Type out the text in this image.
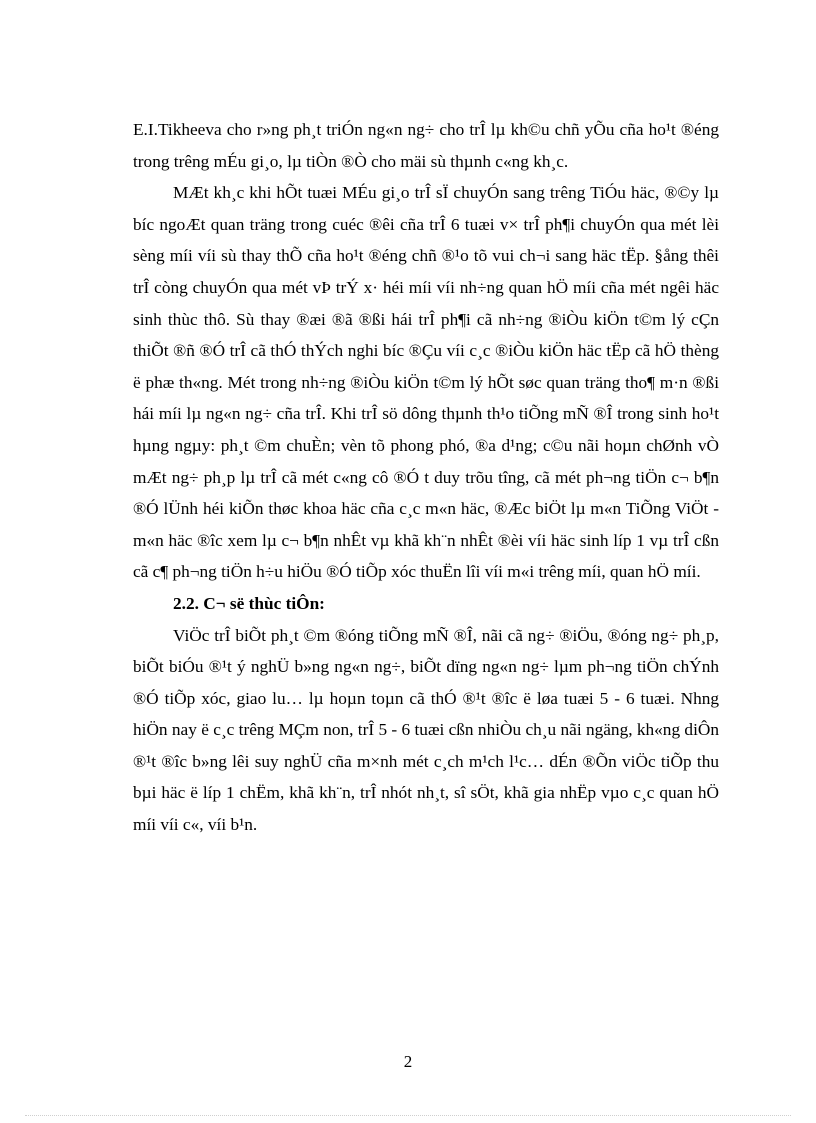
E.I.Tikheeva cho r»ng ph¸t triÓn ng«n ng÷ cho trÎ lµ kh©u chñ yÕu cña ho¹t ®éng trong trêng mÉu gi¸o, lµ tiÒn ®Ò cho mäi sù thµnh c«ng kh¸c.

MÆt kh¸c khi hÕt tuæi MÉu gi¸o trÎ sÏ chuyÓn sang trêng TiÓu häc, ®©y lµ bíc ngoÆt quan träng trong cuéc ®êi cña trÎ 6 tuæi v× trÎ ph¶i chuyÓn qua mét lèi sèng míi víi sù thay thÕ cña ho¹t ®éng chñ ®¹o tõ vui ch¬i sang häc tËp. §ång thêi trÎ còng chuyÓn qua mét vÞ trÝ x· héi míi víi nh÷ng quan hÖ míi cña mét ngêi häc sinh thùc thô. Sù thay ®æi ®ã ®ßi hái trÎ ph¶i cã nh÷ng ®iÒu kiÖn t©m lý cÇn thiÕt ®ñ ®Ó trÎ cã thÓ thÝch nghi bíc ®Çu víi c¸c ®iÒu kiÖn häc tËp cã hÖ thèng ë phæ th«ng. Mét trong nh÷ng ®iÒu kiÖn t©m lý hÕt søc quan träng tho¶ m·n ®ßi hái míi lµ ng«n ng÷ cña trÎ. Khi trÎ sö dông thµnh th¹o tiÕng mÑ ®Î trong sinh ho¹t hµng ngµy: ph¸t ©m chuÈn; vèn tõ phong phó, ®a d¹ng; c©u nãi hoµn chØnh vÒ mÆt ng÷ ph¸p lµ trÎ cã mét c«ng cô ®Ó t duy trõu tîng, cã mét ph¬ng tiÖn c¬ b¶n ®Ó lÜnh héi kiÕn thøc khoa häc cña c¸c m«n häc, ®Æc biÖt lµ m«n TiÕng ViÖt - m«n häc ®îc xem lµ c¬ b¶n nhÊt vµ khã kh¨n nhÊt ®èi víi häc sinh líp 1 vµ trÎ cßn cã c¶ ph¬ng tiÖn h÷u hiÖu ®Ó tiÕp xóc thuËn lîi víi m«i trêng míi, quan hÖ míi.

2.2. C¬ së thùc tiÔn:

ViÖc trÎ biÕt ph¸t ©m ®óng tiÕng mÑ ®Î, nãi cã ng÷ ®iÖu, ®óng ng÷ ph¸p, biÕt biÓu ®¹t ý nghÜ b»ng ng«n ng÷, biÕt dïng ng«n ng÷ lµm ph¬ng tiÖn chÝnh ®Ó tiÕp xóc, giao lu… lµ hoµn toµn cã thÓ ®¹t ®îc ë løa tuæi 5 - 6 tuæi. Nhng hiÖn nay ë c¸c trêng MÇm non, trÎ 5 - 6 tuæi cßn nhiÒu ch¸u nãi ngäng, kh«ng diÔn ®¹t ®îc b»ng lêi suy nghÜ cña m×nh mét c¸ch m¹ch l¹c… dÉn ®Õn viÖc tiÕp thu bµi häc ë líp 1 chËm, khã kh¨n, trÎ nhót nh¸t, sî sÖt, khã gia nhËp vµo c¸c quan hÖ míi víi c«, víi b¹n.

2
